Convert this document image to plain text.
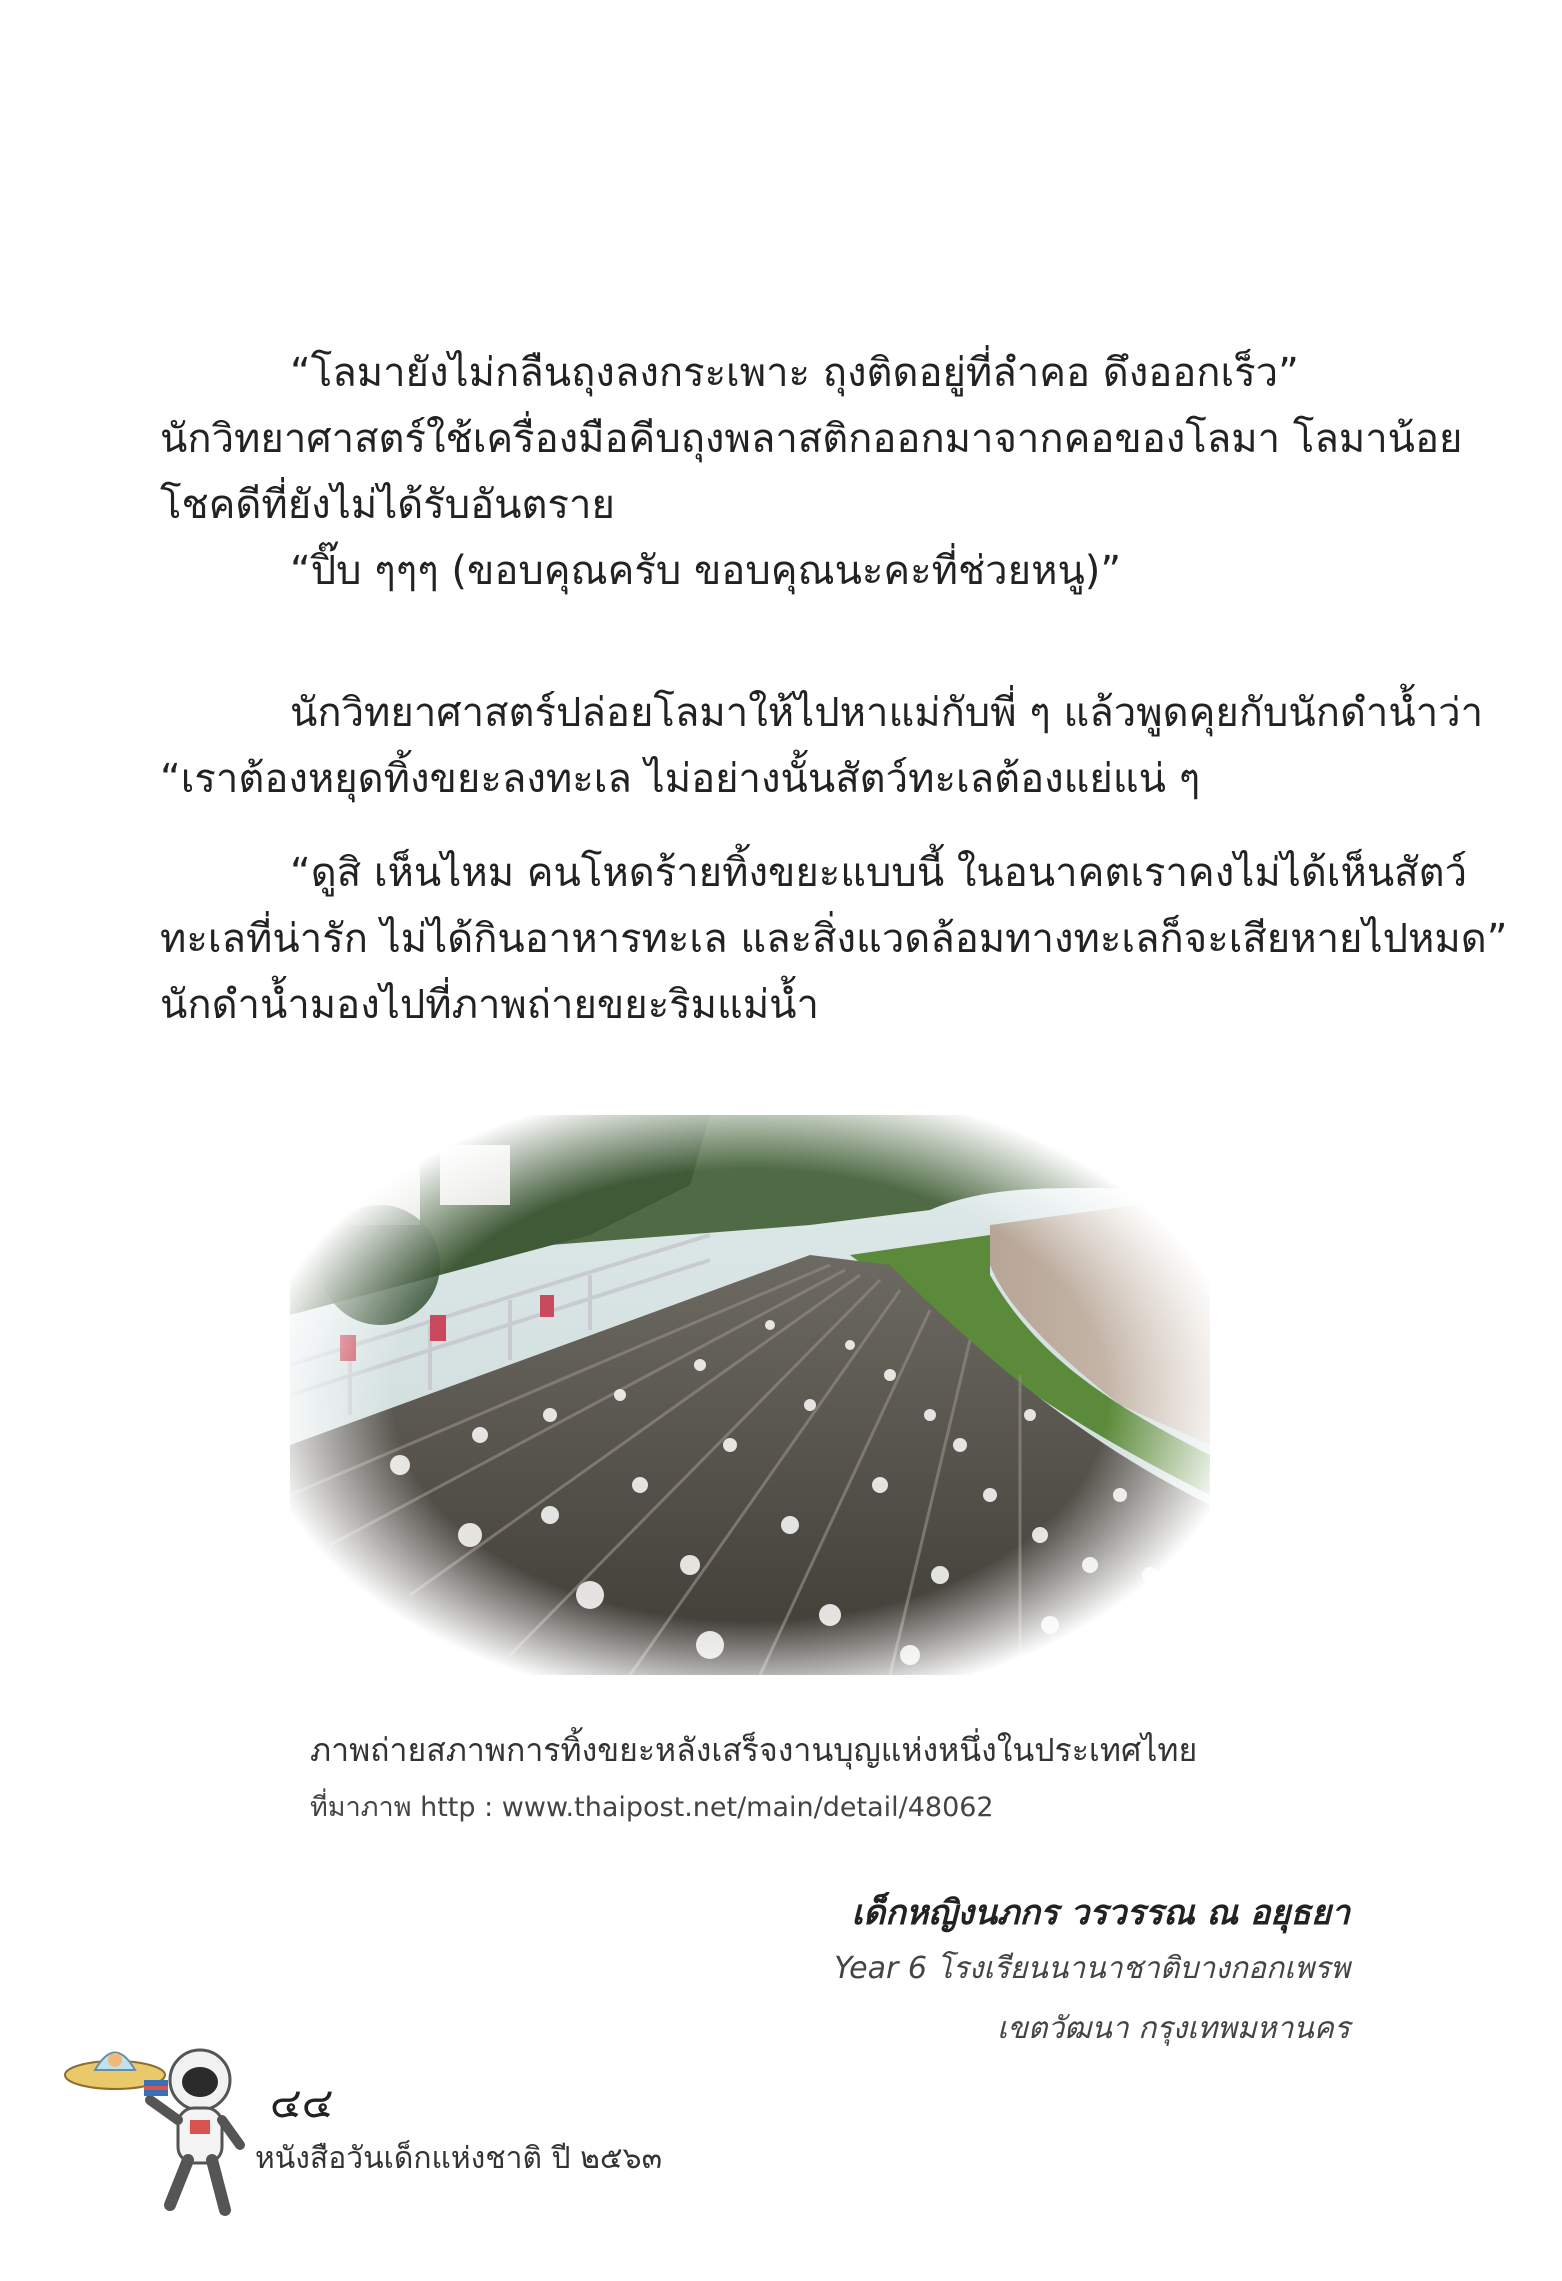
“โลมายังไม่กลืนถุงลงกระเพาะ ถุงติดอยู่ที่ลำคอ ดึงออกเร็ว”
นักวิทยาศาสตร์ใช้เครื่องมือคีบถุงพลาสติกออกมาจากคอของโลมา โลมาน้อย
โชคดีที่ยังไม่ได้รับอันตราย
“ปิ๊บ ๆๆๆ (ขอบคุณครับ ขอบคุณนะคะที่ช่วยหนู)”

นักวิทยาศาสตร์ปล่อยโลมาให้ไปหาแม่กับพี่ ๆ แล้วพูดคุยกับนักดำน้ำว่า
“เราต้องหยุดทิ้งขยะลงทะเล ไม่อย่างนั้นสัตว์ทะเลต้องแย่แน่ ๆ

“ดูสิ เห็นไหม คนโหดร้ายทิ้งขยะแบบนี้ ในอนาคตเราคงไม่ได้เห็นสัตว์
ทะเลที่น่ารัก ไม่ได้กินอาหารทะเล และสิ่งแวดล้อมทางทะเลก็จะเสียหายไปหมด”
นักดำน้ำมองไปที่ภาพถ่ายขยะริมแม่น้ำ

ภาพถ่ายสภาพการทิ้งขยะหลังเสร็จงานบุญแห่งหนึ่งในประเทศไทย
ที่มาภาพ http : www.thaipost.net/main/detail/48062
เด็กหญิงนภกร วรวรรณ ณ อยุธยา
Year 6 โรงเรียนนานาชาติบางกอกเพรพ
เขตวัฒนา กรุงเทพมหานคร
๔๔
หนังสือวันเด็กแห่งชาติ ปี ๒๕๖๓
